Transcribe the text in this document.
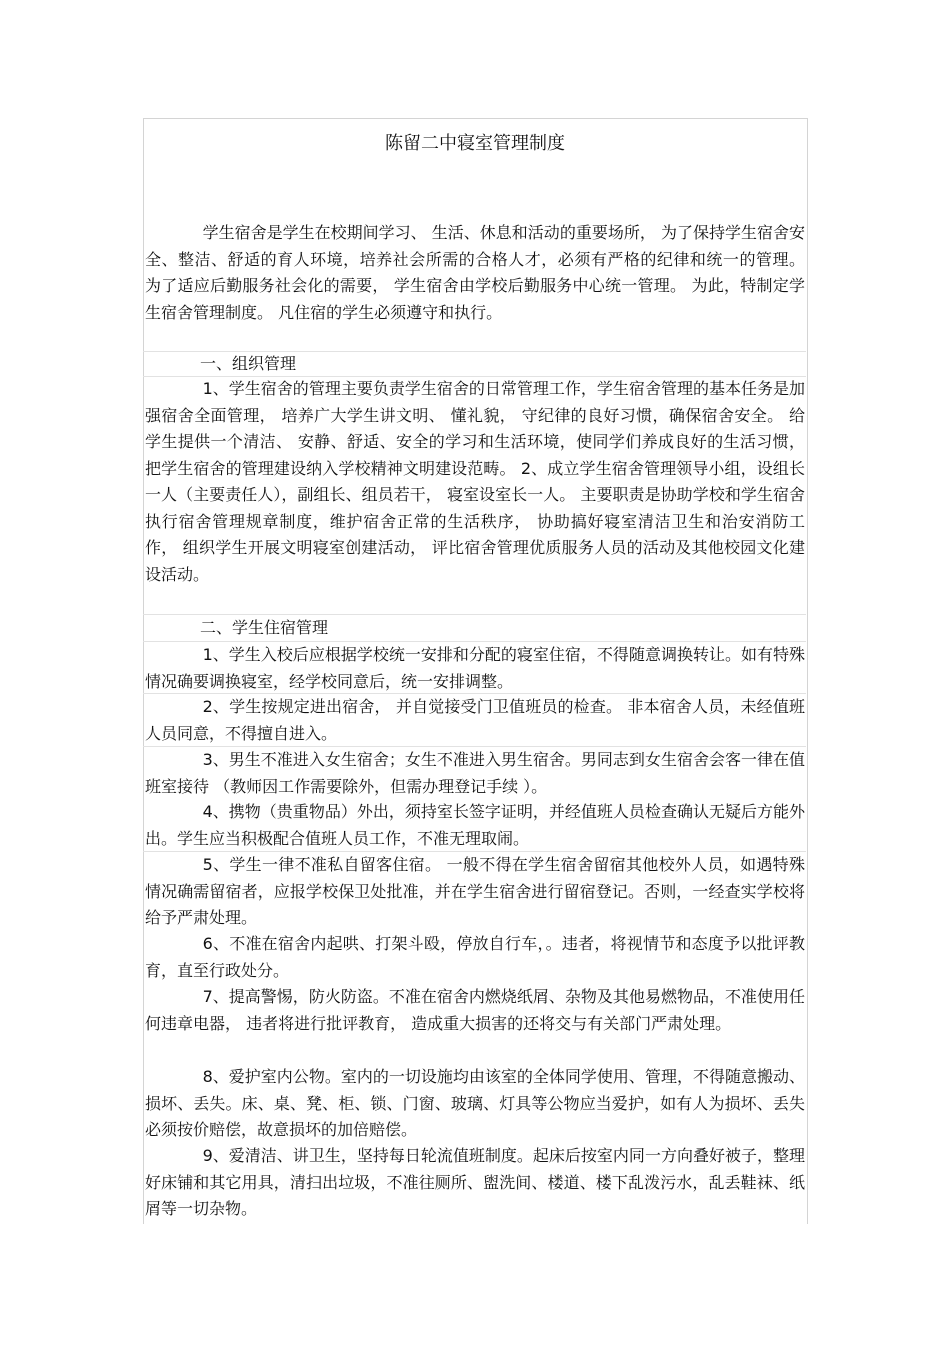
陈留二中寝室管理制度

学生宿舍是学生在校期间学习、 生活、休息和活动的重要场所， 为了保持学生宿舍安全、整洁、舒适的育人环境，培养社会所需的合格人才，必须有严格的纪律和统一的管理。 为了适应后勤服务社会化的需要， 学生宿舍由学校后勤服务中心统一管理。 为此，特制定学生宿舍管理制度。 凡住宿的学生必须遵守和执行。

一、组织管理

1、学生宿舍的管理主要负责学生宿舍的日常管理工作，学生宿舍管理的基本任务是加强宿舍全面管理， 培养广大学生讲文明、 懂礼貌， 守纪律的良好习惯，确保宿舍安全。 给学生提供一个清洁、 安静、舒适、安全的学习和生活环境，使同学们养成良好的生活习惯， 把学生宿舍的管理建设纳入学校精神文明建设范畴。 2、成立学生宿舍管理领导小组，设组长一人（主要责任人），副组长、组员若干， 寝室设室长一人。 主要职责是协助学校和学生宿舍执行宿舍管理规章制度，维护宿舍正常的生活秩序， 协助搞好寝室清洁卫生和治安消防工作， 组织学生开展文明寝室创建活动， 评比宿舍管理优质服务人员的活动及其他校园文化建设活动。

二、学生住宿管理

1、学生入校后应根据学校统一安排和分配的寝室住宿，不得随意调换转让。如有特殊情况确要调换寝室，经学校同意后，统一安排调整。

2、学生按规定进出宿舍， 并自觉接受门卫值班员的检查。 非本宿舍人员，未经值班人员同意，不得擅自进入。

3、男生不准进入女生宿舍；女生不准进入男生宿舍。男同志到女生宿舍会客一律在值班室接待 （教师因工作需要除外，但需办理登记手续 ）。

4、携物（贵重物品）外出，须持室长签字证明，并经值班人员检查确认无疑后方能外出。学生应当积极配合值班人员工作，不准无理取闹。

5、学生一律不准私自留客住宿。 一般不得在学生宿舍留宿其他校外人员，如遇特殊情况确需留宿者，应报学校保卫处批准，并在学生宿舍进行留宿登记。否则，一经查实学校将给予严肃处理。

6、不准在宿舍内起哄、打架斗殴，停放自行车，。违者，将视情节和态度予以批评教育，直至行政处分。

7、提高警惕，防火防盗。不准在宿舍内燃烧纸屑、杂物及其他易燃物品，不准使用任何违章电器， 违者将进行批评教育， 造成重大损害的还将交与有关部门严肃处理。

8、爱护室内公物。室内的一切设施均由该室的全体同学使用、管理，不得随意搬动、损坏、丢失。床、桌、凳、柜、锁、门窗、玻璃、灯具等公物应当爱护，如有人为损坏、丢失必须按价赔偿，故意损坏的加倍赔偿。

9、爱清洁、讲卫生，坚持每日轮流值班制度。起床后按室内同一方向叠好被子，整理好床铺和其它用具，清扫出垃圾，不准往厕所、盥洗间、楼道、楼下乱泼污水，乱丢鞋袜、纸屑等一切杂物。
